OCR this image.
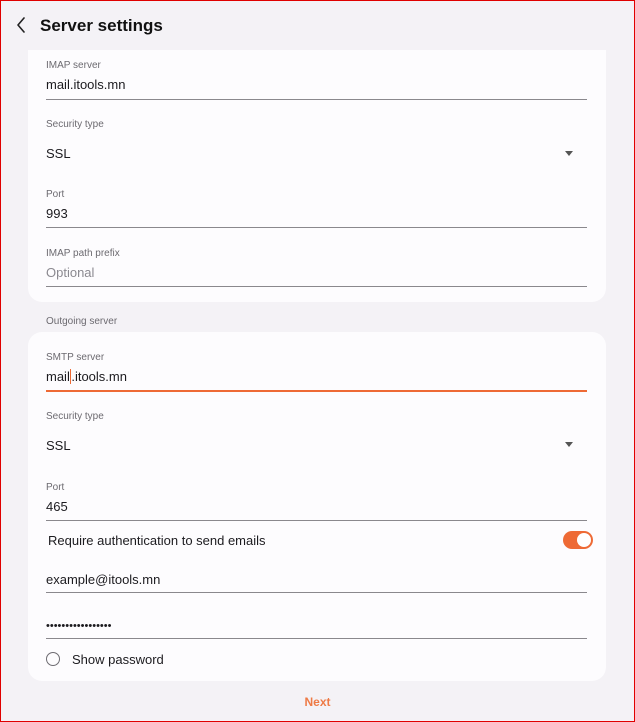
Server settings
IMAP server
mail.itools.mn
Security type
SSL
Port
993
IMAP path prefix
Optional
Outgoing server
SMTP server
mail .itools.mn
Security type
SSL
Port
465
Require authentication to send emails
example@itools.mn
•••••••••••••••••
Show password
Next
